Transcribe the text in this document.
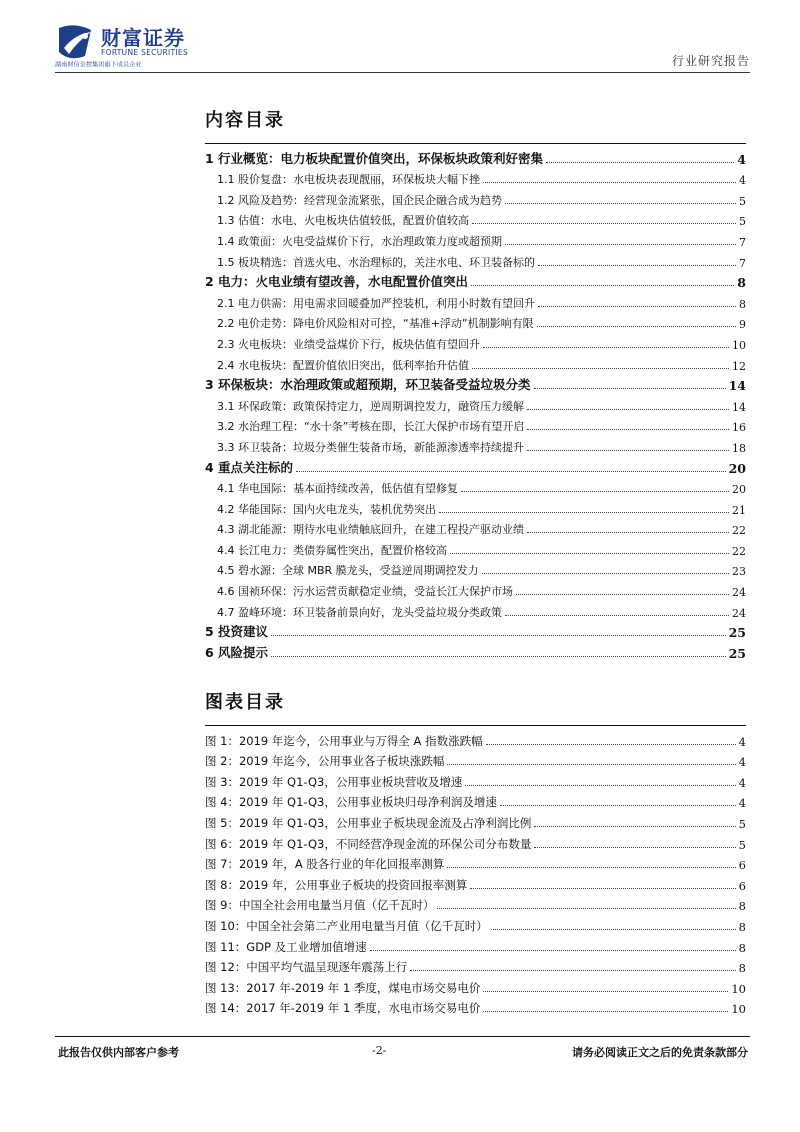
财富证券
FORTUNE SECURITIES
湖南财信金控集团旗下成员企业	行业研究报告
内容目录
1 行业概览：电力板块配置价值突出，环保板块政策利好密集	4
1.1 股价复盘：水电板块表现靓丽，环保板块大幅下挫	4
1.2 风险及趋势：经营现金流紧张，国企民企融合成为趋势	5
1.3 估值：水电、火电板块估值较低，配置价值较高	5
1.4 政策面：火电受益煤价下行，水治理政策力度或超预期	7
1.5 板块精选：首选火电、水治理标的，关注水电、环卫装备标的	7
2 电力：火电业绩有望改善，水电配置价值突出	8
2.1 电力供需：用电需求回暖叠加严控装机，利用小时数有望回升	8
2.2 电价走势：降电价风险相对可控，“基准+浮动”机制影响有限	9
2.3 火电板块：业绩受益煤价下行，板块估值有望回升	10
2.4 水电板块：配置价值依旧突出，低利率抬升估值	12
3 环保板块：水治理政策或超预期，环卫装备受益垃圾分类	14
3.1 环保政策：政策保持定力，逆周期调控发力，融资压力缓解	14
3.2 水治理工程：“水十条”考核在即，长江大保护市场有望开启	16
3.3 环卫装备：垃圾分类催生装备市场，新能源渗透率持续提升	18
4 重点关注标的	20
4.1 华电国际：基本面持续改善，低估值有望修复	20
4.2 华能国际：国内火电龙头，装机优势突出	21
4.3 湖北能源：期待水电业绩触底回升，在建工程投产驱动业绩	22
4.4 长江电力：类债券属性突出，配置价格较高	22
4.5 碧水源：全球 MBR 膜龙头，受益逆周期调控发力	23
4.6 国祯环保：污水运营贡献稳定业绩，受益长江大保护市场	24
4.7 盈峰环境：环卫装备前景向好，龙头受益垃圾分类政策	24
5 投资建议	25
6 风险提示	25
图表目录
图 1：2019 年迄今，公用事业与万得全 A 指数涨跌幅	4
图 2：2019 年迄今，公用事业各子板块涨跌幅	4
图 3：2019 年 Q1-Q3，公用事业板块营收及增速	4
图 4：2019 年 Q1-Q3，公用事业板块归母净利润及增速	4
图 5：2019 年 Q1-Q3，公用事业子板块现金流及占净利润比例	5
图 6：2019 年 Q1-Q3，不同经营净现金流的环保公司分布数量	5
图 7：2019 年，A 股各行业的年化回报率测算	6
图 8：2019 年，公用事业子板块的投资回报率测算	6
图 9：中国全社会用电量当月值（亿千瓦时）	8
图 10：中国全社会第二产业用电量当月值（亿千瓦时）	8
图 11：GDP 及工业增加值增速	8
图 12：中国平均气温呈现逐年震荡上行	8
图 13：2017 年-2019 年 1 季度，煤电市场交易电价	10
图 14：2017 年-2019 年 1 季度，水电市场交易电价	10
此报告仅供内部客户参考	-2-	请务必阅读正文之后的免责条款部分
